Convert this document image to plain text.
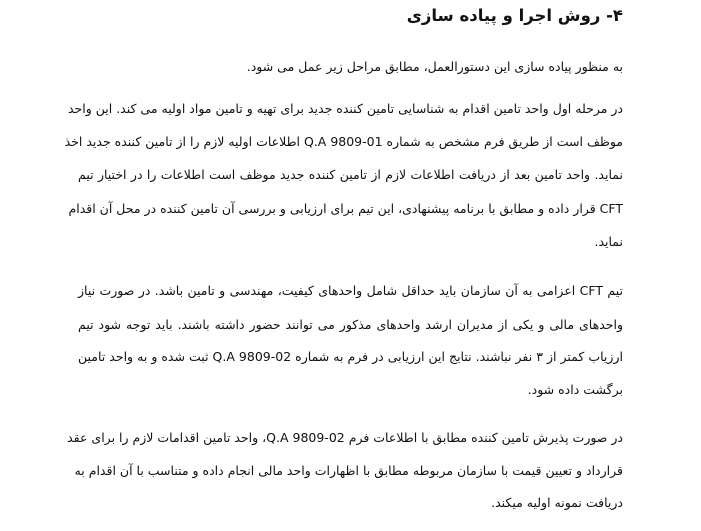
۴- روش اجرا و پیاده سازی

به منظور پیاده سازی این دستورالعمل، مطابق مراحل زیر عمل می شود.

در مرحله اول واحد تامین اقدام به شناسایی تامین کننده جدید برای تهیه و تامین مواد اولیه می کند. این واحد

موظف است از طریق فرم مشخص به شماره Q.A 9809-01 اطلاعات اولیه لازم را از تامین کننده جدید اخذ

نماید. واحد تامین بعد از دریافت اطلاعات لازم از تامین کننده جدید موظف است اطلاعات را در اختیار تیم

CFT قرار داده و مطابق با برنامه پیشنهادی، این تیم برای ارزیابی و بررسی آن تامین کننده در محل آن اقدام

نماید.

تیم CFT اعزامی به آن سازمان باید حداقل شامل واحدهای کیفیت، مهندسی و تامین باشد. در صورت نیاز

واحدهای مالی و یکی از مدیران ارشد واحدهای مذکور می توانند حضور داشته باشند. باید توجه شود تیم

ارزیاب کمتر از ۳ نفر نباشند. نتایج این ارزیابی در فرم به شماره Q.A 9809-02 ثبت شده و به واحد تامین

برگشت داده شود.

در صورت پذیرش تامین کننده مطابق با اطلاعات فرم Q.A 9809-02، واحد تامین اقدامات لازم را برای عقد

قرارداد و تعیین قیمت با سازمان مربوطه مطابق با اظهارات واحد مالی انجام داده و متناسب با آن اقدام به

دریافت نمونه اولیه میکند.
